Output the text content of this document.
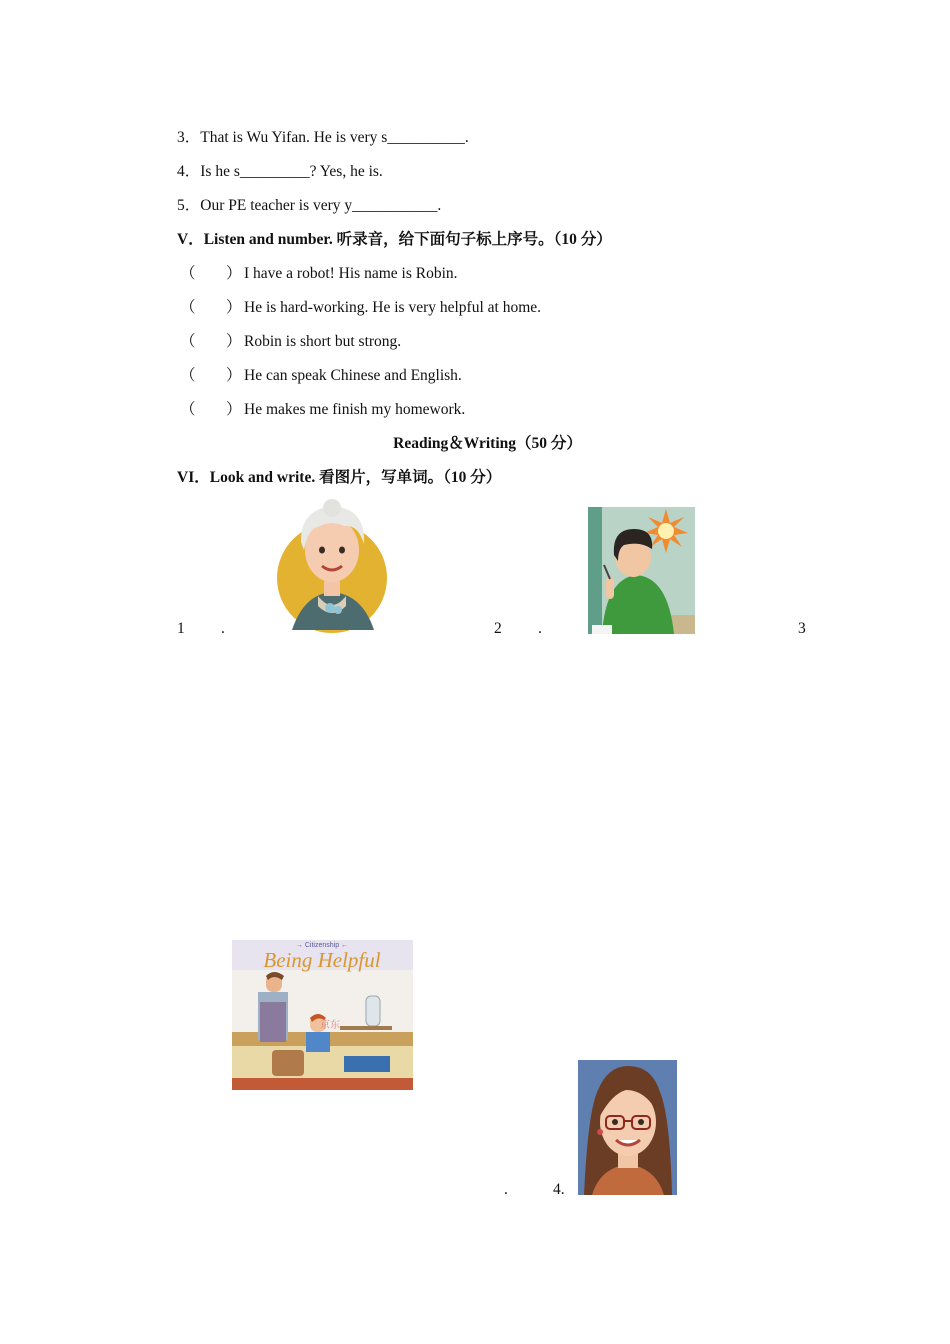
3．That is Wu Yifan. He is very s__________.
4．Is he s_________? Yes, he is.
5．Our PE teacher is very y___________.
V．Listen and number. 听录音，给下面句子标上序号。（10 分）
（ ） I have a robot! His name is Robin.
（ ） He is hard-working. He is very helpful at home.
（ ） Robin is short but strong.
（ ） He can speak Chinese and English.
（ ） He makes me finish my homework.
Reading＆Writing（50 分）
VI．Look and write. 看图片，写单词。（10 分）
1 .	2 .	3
.	4.
→ Citizenship ←
Being Helpful
京东
